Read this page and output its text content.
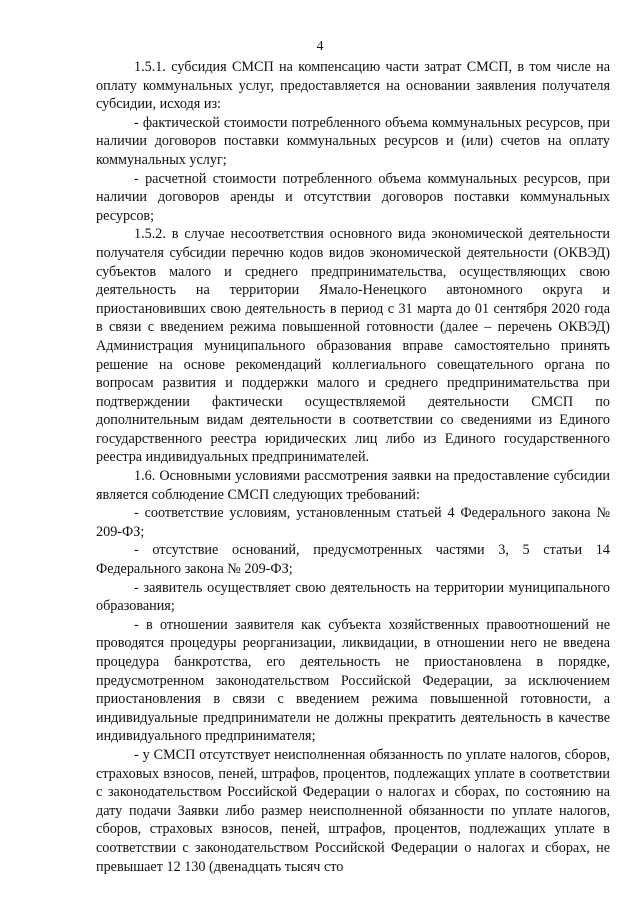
4

1.5.1. субсидия СМСП на компенсацию части затрат СМСП, в том числе на оплату коммунальных услуг, предоставляется на основании заявления получателя субсидии, исходя из:

- фактической стоимости потребленного объема коммунальных ресурсов, при наличии договоров поставки коммунальных ресурсов и (или) счетов на оплату коммунальных услуг;

- расчетной стоимости потребленного объема коммунальных ресурсов, при наличии договоров аренды и отсутствии договоров поставки коммунальных ресурсов;

1.5.2. в случае несоответствия основного вида экономической деятельности получателя субсидии перечню кодов видов экономической деятельности (ОКВЭД) субъектов малого и среднего предпринимательства, осуществляющих свою деятельность на территории Ямало-Ненецкого автономного округа и приостановивших свою деятельность в период с 31 марта до 01 сентября 2020 года в связи с введением режима повышенной готовности (далее – перечень ОКВЭД) Администрация муниципального образования вправе самостоятельно принять решение на основе рекомендаций коллегиального совещательного органа по вопросам развития и поддержки малого и среднего предпринимательства при подтверждении фактически осуществляемой деятельности СМСП по дополнительным видам деятельности в соответствии со сведениями из Единого государственного реестра юридических лиц либо из Единого государственного реестра индивидуальных предпринимателей.

1.6. Основными условиями рассмотрения заявки на предоставление субсидии является соблюдение СМСП следующих требований:

- соответствие условиям, установленным статьей 4 Федерального закона № 209-ФЗ;

- отсутствие оснований, предусмотренных частями 3, 5 статьи 14 Федерального закона № 209-ФЗ;

- заявитель осуществляет свою деятельность на территории муниципального образования;

- в отношении заявителя как субъекта хозяйственных правоотношений не проводятся процедуры реорганизации, ликвидации, в отношении него не введена процедура банкротства, его деятельность не приостановлена в порядке, предусмотренном законодательством Российской Федерации, за исключением приостановления в связи с введением режима повышенной готовности, а индивидуальные предприниматели не должны прекратить деятельность в качестве индивидуального предпринимателя;

- у СМСП отсутствует неисполненная обязанность по уплате налогов, сборов, страховых взносов, пеней, штрафов, процентов, подлежащих уплате в соответствии с законодательством Российской Федерации о налогах и сборах, по состоянию на дату подачи Заявки либо размер неисполненной обязанности по уплате налогов, сборов, страховых взносов, пеней, штрафов, процентов, подлежащих уплате в соответствии с законодательством Российской Федерации о налогах и сборах, не превышает 12 130 (двенадцать тысяч сто
